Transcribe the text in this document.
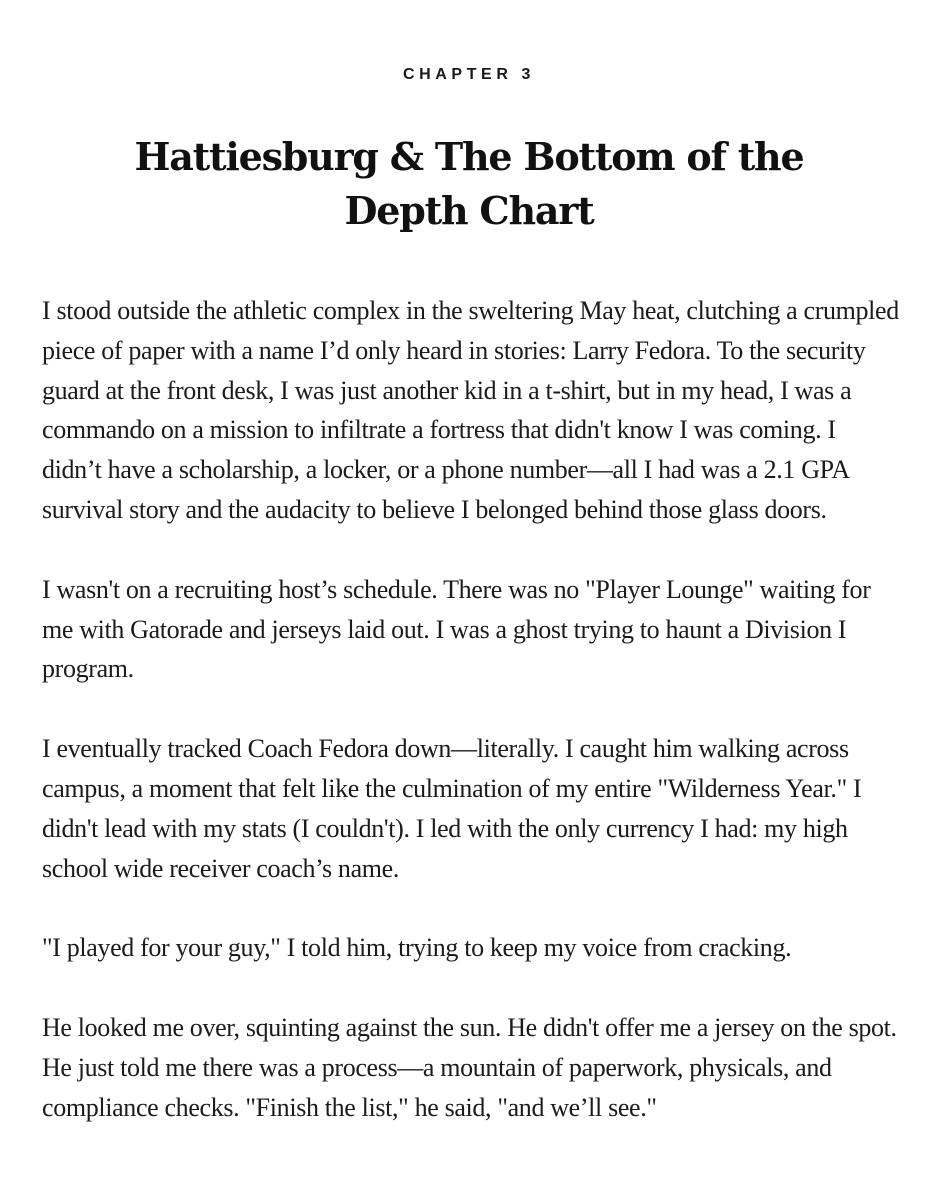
CHAPTER 3
Hattiesburg & The Bottom of the Depth Chart

I stood outside the athletic complex in the sweltering May heat, clutching a crumpled piece of paper with a name I’d only heard in stories: Larry Fedora. To the security guard at the front desk, I was just another kid in a t-shirt, but in my head, I was a commando on a mission to infiltrate a fortress that didn't know I was coming. I didn’t have a scholarship, a locker, or a phone number—all I had was a 2.1 GPA survival story and the audacity to believe I belonged behind those glass doors.

I wasn't on a recruiting host’s schedule. There was no "Player Lounge" waiting for me with Gatorade and jerseys laid out. I was a ghost trying to haunt a Division I program.

I eventually tracked Coach Fedora down—literally. I caught him walking across campus, a moment that felt like the culmination of my entire "Wilderness Year." I didn't lead with my stats (I couldn't). I led with the only currency I had: my high school wide receiver coach’s name.

"I played for your guy," I told him, trying to keep my voice from cracking.

He looked me over, squinting against the sun. He didn't offer me a jersey on the spot. He just told me there was a process—a mountain of paperwork, physicals, and compliance checks. "Finish the list," he said, "and we’ll see."
